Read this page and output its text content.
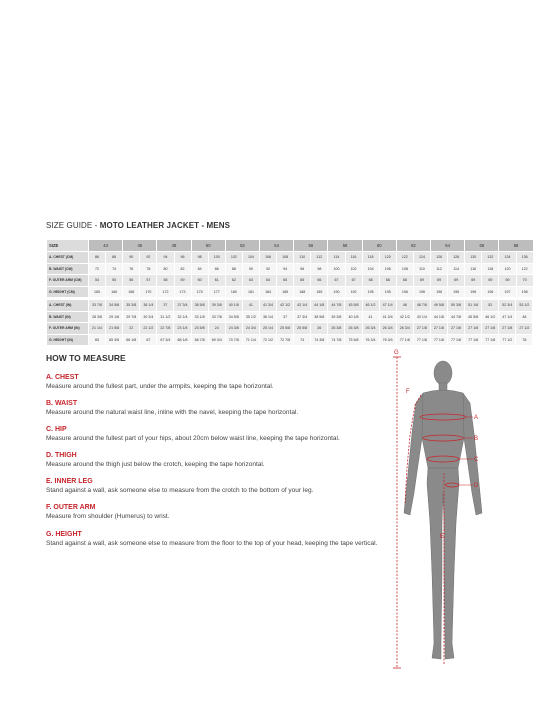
SIZE GUIDE - MOTO LEATHER JACKET - MENS
SIZE	44		46		48		50		52		54		56		58		60		62		64		66		68	
A. CHEST (CM)	86	88	90	92	94	96	98	100	102	104	106	108	110	112	114	116	118	120	122	124	126	128	130	132	134	136
B. WAIST (CM)	72	74	76	78	80	82	84	86	88	90	92	94	96	98	100	102	104	106	108	110	112	114	116	118	120	122
F. OUTER ARM (CM)	54	55	56	57	58	59	60	61	62	63	64	65	65	66	67	67	68	68	68	69	69	69	69	69	69	70
G. HEIGHT (CM)	165	166	168	170	172	173	175	177	180	181	184	185	188	189	190	192	195	195	196	196	196	196	196	196	197	198
A. CHEST (IN)	33 7/8	34 5/8	35 3/8	36 1/4	37	37 3/4	38 5/8	39 3/8	40 1/8	41	41 3/4	42 1/2	43 1/4	44 1/8	44 7/8	45 5/8	46 1/2	47 1/4	48	48 7/8	49 5/8	50 3/8	51 1/8	52	52 3/4	53 1/2
B. WAIST (IN)	28 3/8	29 1/8	29 7/8	30 3/4	31 1/2	32 1/4	33 1/8	33 7/8	34 5/8	35 1/2	36 1/4	37	37 3/4	38 5/8	39 3/8	40 1/8	41	41 3/4	42 1/2	43 1/4	44 1/8	44 7/8	45 5/8	46 1/2	47 1/4	48
F. OUTER ARM (IN)	21 1/4	21 5/8	22	22 1/2	22 7/8	23 1/4	23 5/8	24	24 3/8	24 3/4	25 1/4	25 5/8	25 5/8	26	26 3/8	26 3/8	26 3/4	26 3/4	26 3/4	27 1/8	27 1/8	27 1/8	27 1/8	27 1/8	27 1/8	27 1/2
G. HEIGHT (IN)	65	65 3/8	66 1/8	67	67 3/4	68 1/8	68 7/8	69 3/4	70 7/8	71 1/4	72 1/2	72 7/8	74	74 3/8	74 7/8	75 5/8	76 3/4	76 3/4	77 1/8	77 1/8	77 1/8	77 1/8	77 1/8	77 1/8	77 1/2	78
HOW TO MEASURE
A. CHEST
Measure around the fullest part, under the armpits, keeping the tape horizontal.
B. WAIST
Measure around the natural waist line, inline with the navel, keeping the tape horizontal.
C. HIP
Measure around the fullest part of your hips, about 20cm below waist line, keeping the tape horizontal.
D. THIGH
Measure around the thigh just below the crotch, keeping the tape horizontal.
E. INNER LEG
Stand against a wall, ask someone else to measure from the crotch to the bottom of your leg.
F. OUTER ARM
Measure from shoulder (Humerus) to wrist.
G. HEIGHT
Stand against a wall, ask someone else to measure from the floor to the top of your head, keeping the tape vertical.
G
F
A
B
C
D
E
